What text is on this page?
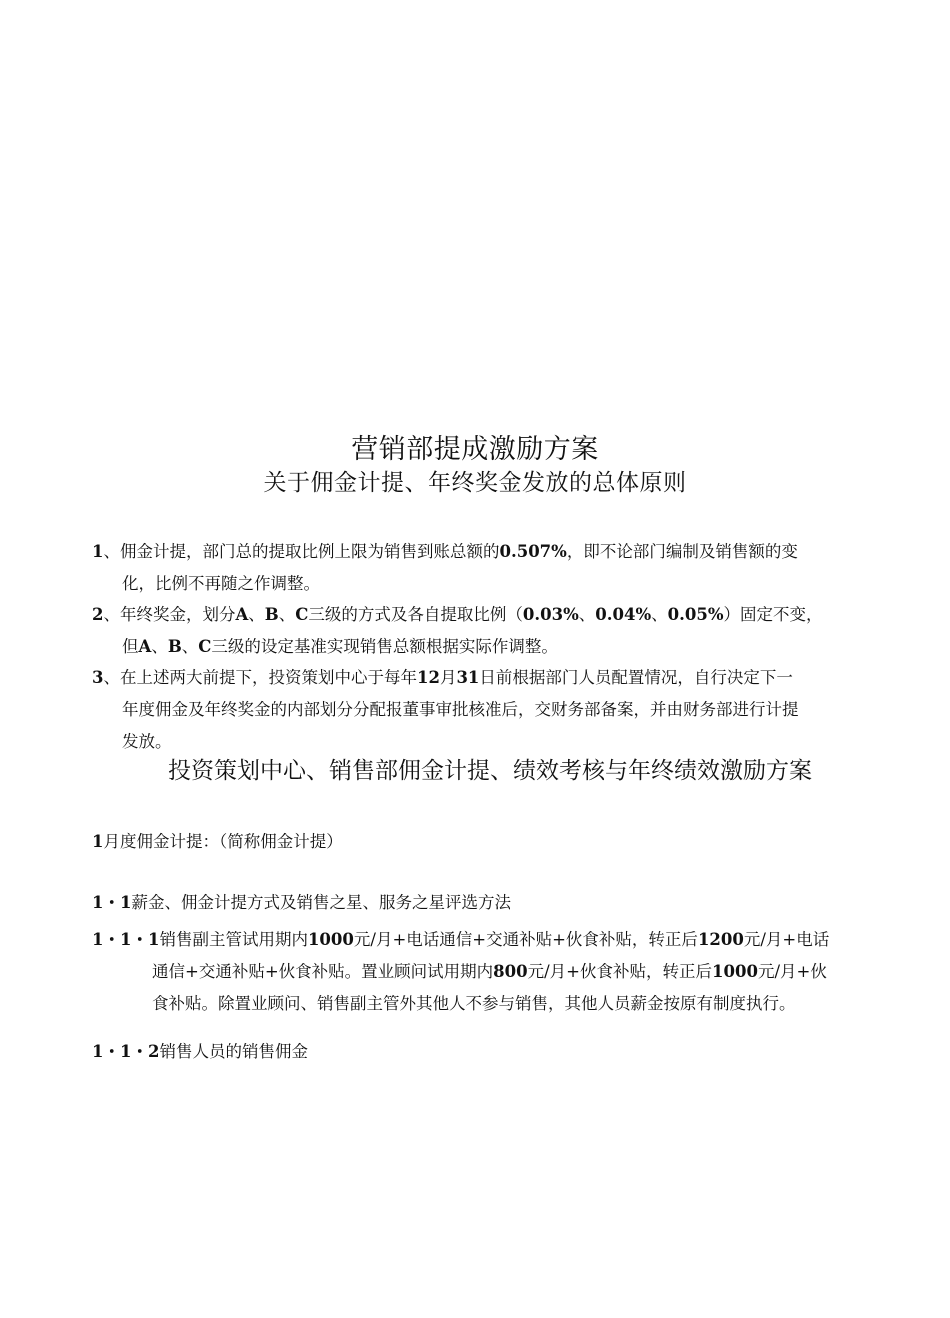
营销部提成激励方案
关于佣金计提、年终奖金发放的总体原则
1、佣金计提，部门总的提取比例上限为销售到账总额的0.507%，即不论部门编制及销售额的变
化，比例不再随之作调整。
2、年终奖金，划分A、B、C三级的方式及各自提取比例（0.03%、0.04%、0.05%）固定不变，
但A、B、C三级的设定基准实现销售总额根据实际作调整。
3、在上述两大前提下，投资策划中心于每年12月31日前根据部门人员配置情况，自行决定下一
年度佣金及年终奖金的内部划分分配报董事审批核准后，交财务部备案，并由财务部进行计提
发放。
投资策划中心、销售部佣金计提、绩效考核与年终绩效激励方案
1月度佣金计提：（简称佣金计提）
1・1薪金、佣金计提方式及销售之星、服务之星评选方法
1・1・1销售副主管试用期内1000元/月+电话通信+交通补贴+伙食补贴，转正后1200元/月+电话
通信+交通补贴+伙食补贴。置业顾问试用期内800元/月+伙食补贴，转正后1000元/月+伙
食补贴。除置业顾问、销售副主管外其他人不参与销售，其他人员薪金按原有制度执行。
1・1・2销售人员的销售佣金
